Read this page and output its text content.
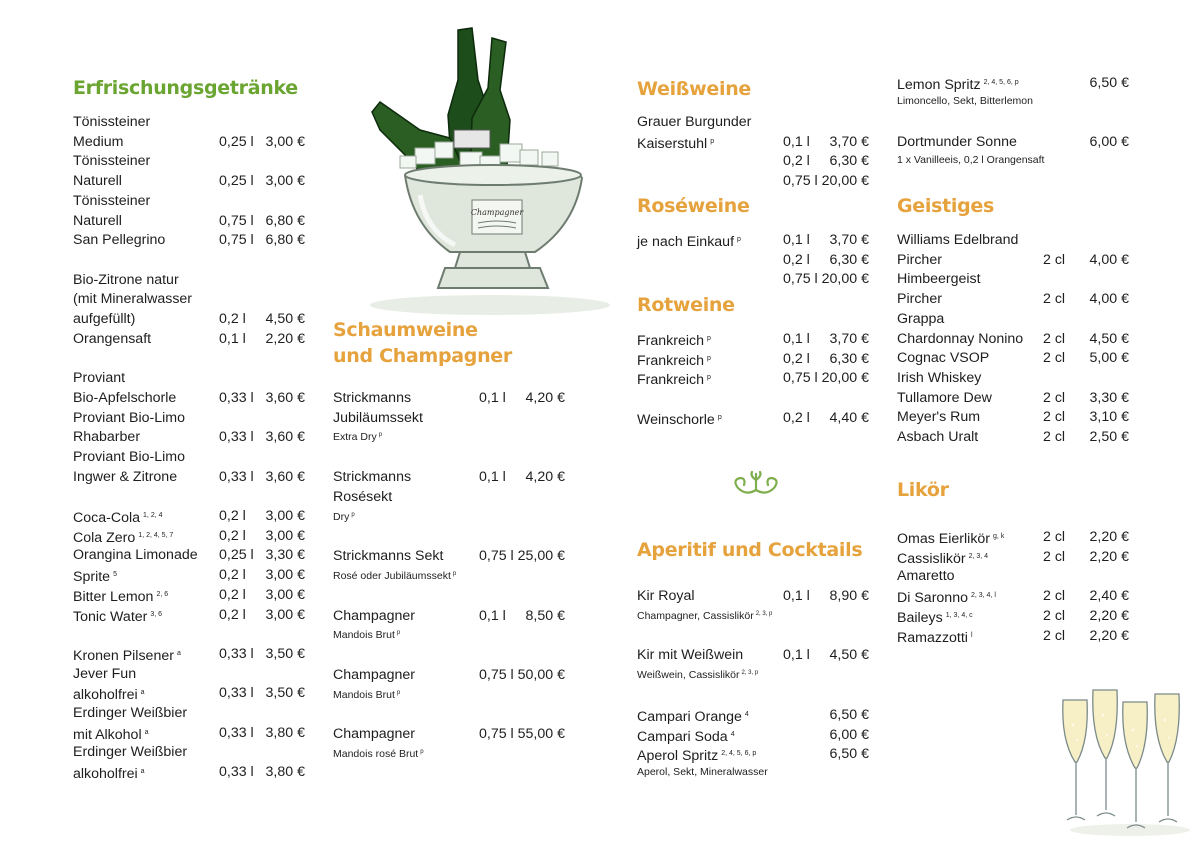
Erfrischungsgetränke
Tönissteiner
Medium	0,25 l 3,00 €
Tönissteiner
Naturell	0,25 l 3,00 €
Tönissteiner
Naturell	0,75 l 6,80 €
San Pellegrino	0,75 l 6,80 €
Bio-Zitrone natur
(mit Mineralwasser
aufgefüllt)	0,2 l 4,50 €
Orangensaft	0,1 l 2,20 €
Proviant
Bio-Apfelschorle	0,33 l 3,60 €
Proviant Bio-Limo
Rhabarber	0,33 l 3,60 €
Proviant Bio-Limo
Ingwer & Zitrone	0,33 l 3,60 €
Coca-Cola $^{1, 2, 4}$	0,2 l 3,00 €
Cola Zero $^{1, 2, 4, 5, 7}$	0,2 l 3,00 €
Orangina Limonade 0,25 l 3,30 €
Sprite $^5$	0,2 l 3,00 €
Bitter Lemon $^{2, 6}$	0,2 l 3,00 €
Tonic Water $^{3, 6}$	0,2 l 3,00 €
Kronen Pilsener $^a$	0,33 l 3,50 €
Jever Fun
alkoholfrei $^a$	0,33 l 3,50 €
Erdinger Weißbier
mit Alkohol $^a$	0,33 l 3,80 €
Erdinger Weißbier
alkoholfrei $^a$	0,33 l 3,80 €
Champagner
Schaumweine
und Champagner
Strickmanns	0,1 l 4,20 €
Jubiläumssekt
Extra Dry $^p$
Strickmanns	0,1 l 4,20 €
Rosésekt
Dry $^p$
Strickmanns Sekt	0,75 l 25,00 €
Rosé oder Jubiläumssekt $^p$
Champagner	0,1 l 8,50 €
Mandois Brut $^p$
Champagner	0,75 l 50,00 €
Mandois Brut $^p$
Champagner	0,75 l 55,00 €
Mandois rosé Brut $^p$
Weißweine
Grauer Burgunder
Kaiserstuhl $^p$	0,1 l 3,70 €
0,2 l 6,30 €
0,75 l 20,00 €
Roséweine
je nach Einkauf $^p$	0,1 l 3,70 €
0,2 l 6,30 €
0,75 l 20,00 €
Rotweine
Frankreich $^p$	0,1 l 3,70 €
Frankreich $^p$	0,2 l 6,30 €
Frankreich $^p$	0,75 l 20,00 €
Weinschorle $^p$	0,2 l 4,40 €
Aperitif und Cocktails
Kir Royal	0,1 l 8,90 €
Champagner, Cassislikör $^{2, 3, p}$
Kir mit Weißwein	0,1 l 4,50 €
Weißwein, Cassislikör $^{2, 3, p}$
Campari Orange $^4$	6,50 €
Campari Soda $^4$	6,00 €
Aperol Spritz $^{2, 4, 5, 6, p}$	6,50 €
Aperol, Sekt, Mineralwasser
Lemon Spritz $^{2, 4, 5, 6, p}$	6,50 €
Limoncello, Sekt, Bitterlemon
Dortmunder Sonne	6,00 €
1 x Vanilleeis, 0,2 l Orangensaft
Geistiges
Williams Edelbrand
Pircher	2 cl 4,00 €
Himbeergeist
Pircher	2 cl 4,00 €
Grappa
Chardonnay Nonino 2 cl 4,50 €
Cognac VSOP	2 cl 5,00 €
Irish Whiskey
Tullamore Dew	2 cl 3,30 €
Meyer's Rum	2 cl 3,10 €
Asbach Uralt	2 cl 2,50 €
Likör
Omas Eierlikör $^{g, k}$	2 cl 2,20 €
Cassislikör $^{2, 3, 4}$	2 cl 2,20 €
Amaretto
Di Saronno $^{2, 3, 4, l}$	2 cl 2,40 €
Baileys $^{1, 3, 4, c}$	2 cl 2,20 €
Ramazzotti $^l$	2 cl 2,20 €
